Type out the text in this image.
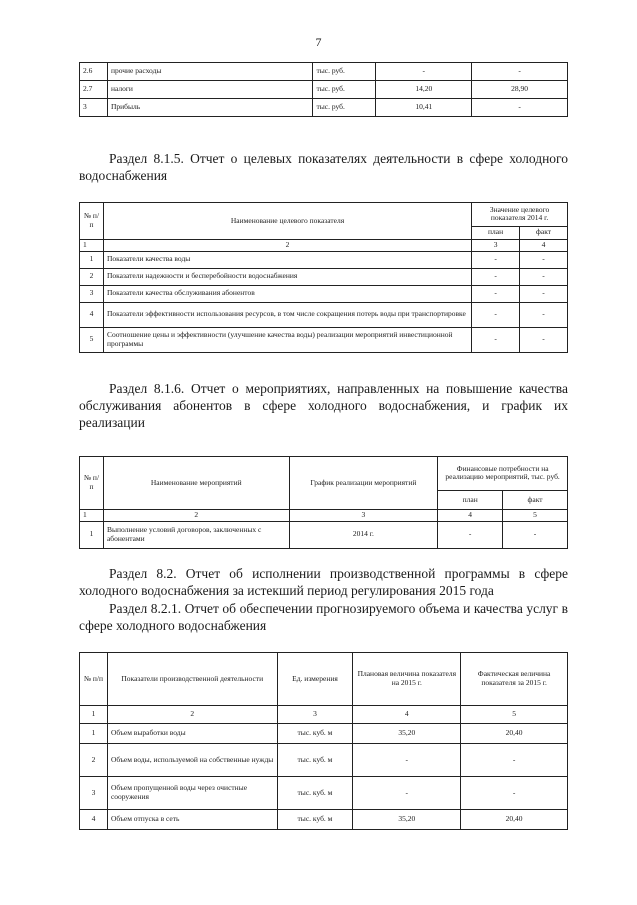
7
2.6	прочие расходы	тыс. руб.	-	-
2.7	налоги	тыс. руб.	14,20	28,90
3	Прибыль	тыс. руб.	10,41	-
Раздел 8.1.5. Отчет о целевых показателях деятельности в сфере холодного водоснабжения
№ п/п	Наименование целевого показателя	Значение целевого показателя 2014 г.	
		план	факт
1	2	3	4
1	Показатели качества воды	-	-
2	Показатели надежности и бесперебойности водоснабжения	-	-
3	Показатели качества обслуживания абонентов	-	-
4	Показатели эффективности использования ресурсов, в том числе сокращения потерь воды при транспортировке	-	-
5	Соотношение цены и эффективности (улучшение качества воды) реализации мероприятий инвестиционной программы	-	-
Раздел 8.1.6. Отчет о мероприятиях, направленных на повышение качества обслуживания абонентов в сфере холодного водоснабжения, и график их реализации
№ п/п	Наименование мероприятий	График реализации мероприятий	Финансовые потребности на реализацию мероприятий, тыс. руб.	
			план	факт
1	2	3	4	5
1	Выполнение условий договоров, заключенных с абонентами	2014 г.	-	-
Раздел 8.2. Отчет об исполнении производственной программы в сфере холодного водоснабжения за истекший период регулирования 2015 года
Раздел 8.2.1. Отчет об обеспечении прогнозируемого объема и качества услуг в сфере холодного водоснабжения
№ п/п	Показатели производственной деятельности	Ед. измерения	Плановая величина показателя на 2015 г.	Фактическая величина показателя за 2015 г.
1	2	3	4	5
1	Объем выработки воды	тыс. куб. м	35,20	20,40
2	Объем воды, используемой на собственные нужды	тыс. куб. м	-	-
3	Объем пропущенной воды через очистные сооружения	тыс. куб. м	-	-
4	Объем отпуска в сеть	тыс. куб. м	35,20	20,40
